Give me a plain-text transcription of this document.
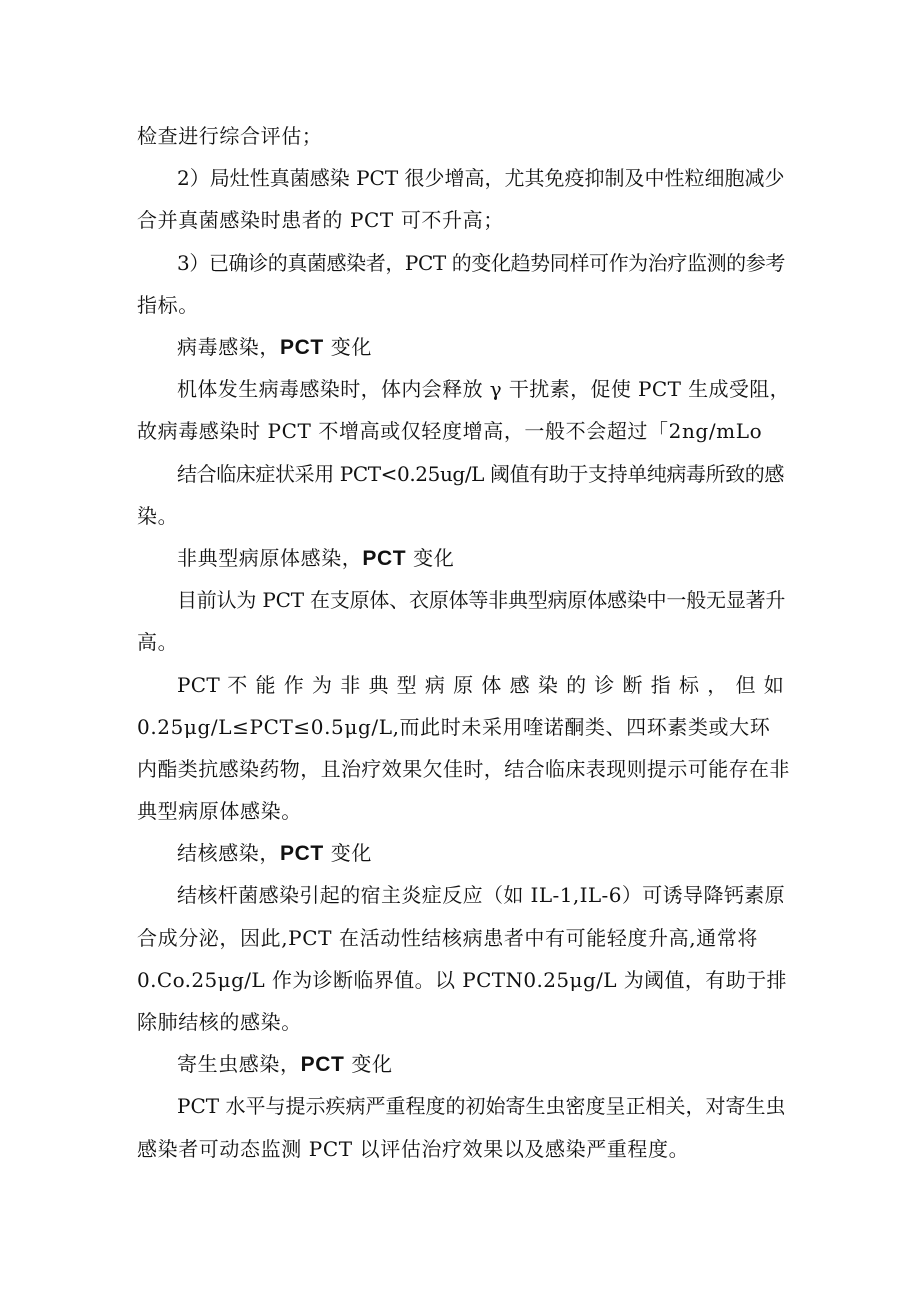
检查进行综合评估；
2）局灶性真菌感染 PCT 很少增高，尤其免疫抑制及中性粒细胞减少
合并真菌感染时患者的 PCT 可不升高；
3）已确诊的真菌感染者，PCT 的变化趋势同样可作为治疗监测的参考
指标。
病毒感染，PCT 变化
机体发生病毒感染时，体内会释放 γ 干扰素，促使 PCT 生成受阻，
故病毒感染时 PCT 不增高或仅轻度增高，一般不会超过「2ng/mLo
结合临床症状采用 PCT<0.25ug/L 阈值有助于支持单纯病毒所致的感
染。
非典型病原体感染，PCT 变化
目前认为 PCT 在支原体、衣原体等非典型病原体感染中一般无显著升
高。
PCT 不 能 作 为 非 典 型 病 原 体 感 染 的 诊 断 指 标 ， 但 如
0.25μg/L≤PCT≤0.5μg/L,而此时未采用喹诺酮类、四环素类或大环
内酯类抗感染药物，且治疗效果欠佳时，结合临床表现则提示可能存在非
典型病原体感染。
结核感染，PCT 变化
结核杆菌感染引起的宿主炎症反应（如 IL-1,IL-6）可诱导降钙素原
合成分泌，因此,PCT 在活动性结核病患者中有可能轻度升高,通常将
0.Co.25μg/L 作为诊断临界值。以 PCTN0.25μg/L 为阈值，有助于排
除肺结核的感染。
寄生虫感染，PCT 变化
PCT 水平与提示疾病严重程度的初始寄生虫密度呈正相关，对寄生虫
感染者可动态监测 PCT 以评估治疗效果以及感染严重程度。
